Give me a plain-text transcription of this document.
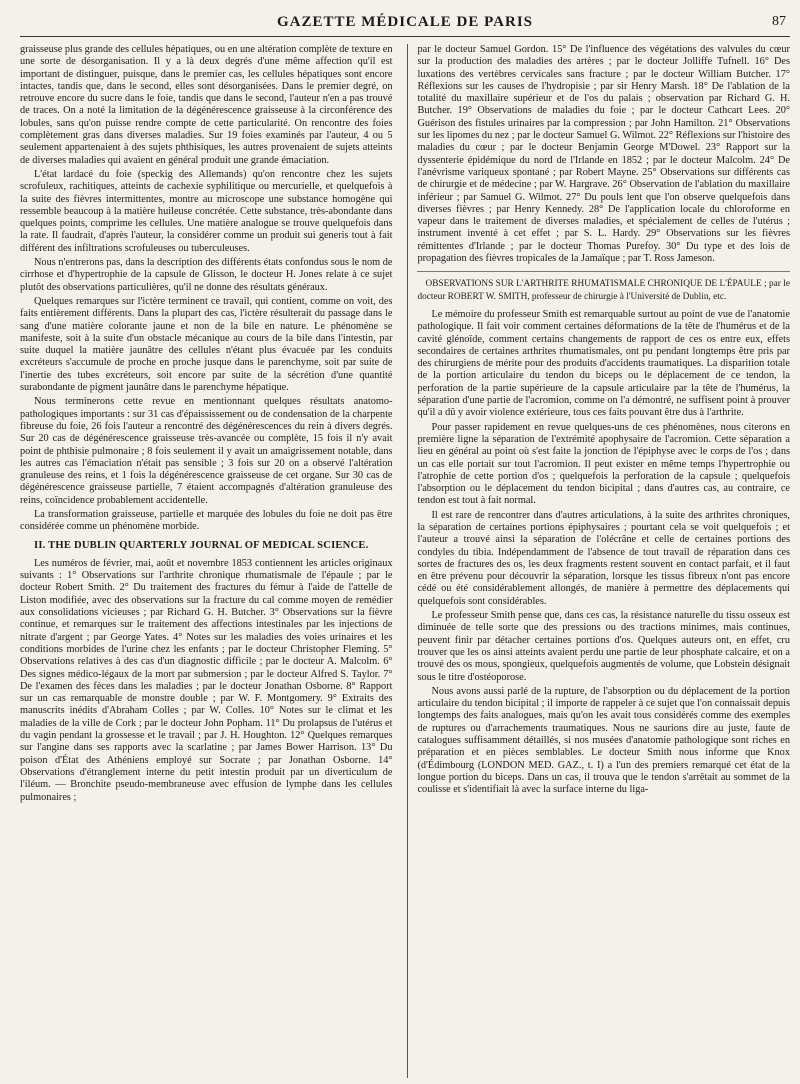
GAZETTE MÉDICALE DE PARIS	87

graisseuse plus grande des cellules hépatiques, ou en une altération complète de texture en une sorte de désorganisation. Il y a là deux degrés d'une même affection qu'il est important de distinguer, puisque, dans le premier cas, les cellules hépatiques sont encore intactes, tandis que, dans le second, elles sont désorganisées. Dans le premier degré, on retrouve encore du sucre dans le foie, tandis que dans le second, l'auteur n'en a pas trouvé de traces. On a noté la limitation de la dégénérescence graisseuse à la circonférence des lobules, sans qu'on puisse rendre compte de cette particularité. On rencontre des foies complètement gras dans diverses maladies. Sur 19 foies examinés par l'auteur, 4 ou 5 seulement appartenaient à des sujets phthisiques, les autres provenaient de sujets atteints de diverses maladies qui avaient en général produit une grande émaciation.

L'état lardacé du foie (speckig des Allemands) qu'on rencontre chez les sujets scrofuleux, rachitiques, atteints de cachexie syphilitique ou mercurielle, et quelquefois à la suite des fièvres intermittentes, montre au microscope une substance homogène qui ressemble beaucoup à la matière huileuse concrétée. Cette substance, très-abondante dans quelques points, comprime les cellules. Une matière analogue se trouve quelquefois dans la rate. Il faudrait, d'après l'auteur, la considérer comme un produit sui generis tout à fait différent des infiltrations scrofuleuses ou tuberculeuses.

Nous n'entrerons pas, dans la description des différents états confondus sous le nom de cirrhose et d'hypertrophie de la capsule de Glisson, le docteur H. Jones relate à ce sujet plutôt des observations particulières, qu'il ne donne des résultats généraux.

Quelques remarques sur l'ictère terminent ce travail, qui contient, comme on voit, des faits entièrement différents. Dans la plupart des cas, l'ictère résulterait du passage dans le sang d'une matière colorante jaune et non de la bile en nature. Le phénomène se manifeste, soit à la suite d'un obstacle mécanique au cours de la bile dans l'intestin, par suite duquel la matière jaunâtre des cellules n'étant plus évacuée par les conduits excréteurs s'accumule de proche en proche jusque dans le parenchyme, soit par suite de l'inertie des tubes excréteurs, soit encore par suite de la sécrétion d'une quantité surabondante de pigment jaunâtre dans le parenchyme hépatique.

Nous terminerons cette revue en mentionnant quelques résultats anatomo-pathologiques importants : sur 31 cas d'épaississement ou de condensation de la charpente fibreuse du foie, 26 fois l'auteur a rencontré des dégénérescences du rein à divers degrés. Sur 20 cas de dégénérescence graisseuse très-avancée ou complète, 15 fois il n'y avait point de phthisie pulmonaire ; 8 fois seulement il y avait un amaigrissement notable, dans les autres cas l'émaciation n'était pas sensible ; 3 fois sur 20 on a observé l'altération granuleuse des reins, et 1 fois la dégénérescence graisseuse de cet organe. Sur 30 cas de dégénérescence graisseuse partielle, 7 étaient accompagnés d'altération granuleuse des reins, coïncidence probablement accidentelle.

La transformation graisseuse, partielle et marquée des lobules du foie ne doit pas être considérée comme un phénomène morbide.

II. THE DUBLIN QUARTERLY JOURNAL OF MEDICAL SCIENCE.

Les numéros de février, mai, août et novembre 1853 contiennent les articles originaux suivants : 1° Observations sur l'arthrite chronique rhumatismale de l'épaule ; par le docteur Robert Smith. 2° Du traitement des fractures du fémur à l'aide de l'attelle de Liston modifiée, avec des observations sur la fracture du cal comme moyen de remédier aux consolidations vicieuses ; par Richard G. H. Butcher. 3° Observations sur la fièvre continue, et remarques sur le traitement des affections intestinales par les injections de nitrate d'argent ; par George Yates. 4° Notes sur les maladies des voies urinaires et les conditions morbides de l'urine chez les enfants ; par le docteur Christopher Fleming. 5° Observations relatives à des cas d'un diagnostic difficile ; par le docteur A. Malcolm. 6° Des signes médico-légaux de la mort par submersion ; par le docteur Alfred S. Taylor. 7° De l'examen des fèces dans les maladies ; par le docteur Jonathan Osborne. 8° Rapport sur un cas remarquable de monstre double ; par W. F. Montgomery. 9° Extraits des manuscrits inédits d'Abraham Colles ; par W. Colles. 10° Notes sur le climat et les maladies de la ville de Cork ; par le docteur John Popham. 11° Du prolapsus de l'utérus et du vagin pendant la grossesse et le travail ; par J. H. Houghton. 12° Quelques remarques sur l'angine dans ses rapports avec la scarlatine ; par James Bower Harrison. 13° Du poison d'État des Athéniens employé sur Socrate ; par Jonathan Osborne. 14° Observations d'étranglement interne du petit intestin produit par un diverticulum de l'iléum. — Bronchite pseudo-membraneuse avec effusion de lymphe dans les cellules pulmonaires ;

par le docteur Samuel Gordon. 15° De l'influence des végétations des valvules du cœur sur la production des maladies des artères ; par le docteur Jolliffe Tufnell. 16° Des luxations des vertèbres cervicales sans fracture ; par le docteur William Butcher. 17° Réflexions sur les causes de l'hydropisie ; par sir Henry Marsh. 18° De l'ablation de la totalité du maxillaire supérieur et de l'os du palais ; observation par Richard G. H. Butcher. 19° Observations de maladies du foie ; par le docteur Cathcart Lees. 20° Guérison des fistules urinaires par la compression ; par John Hamilton. 21° Observations sur les lipomes du nez ; par le docteur Samuel G. Wilmot. 22° Réflexions sur l'histoire des maladies du cœur ; par le docteur Benjamin George M'Dowel. 23° Rapport sur la dyssenterie épidémique du nord de l'Irlande en 1852 ; par le docteur Malcolm. 24° De l'anévrisme variqueux spontané ; par Robert Mayne. 25° Observations sur différents cas de chirurgie et de médecine ; par W. Hargrave. 26° Observation de l'ablation du maxillaire inférieur ; par Samuel G. Wilmot. 27° Du pouls lent que l'on observe quelquefois dans diverses fièvres ; par Henry Kennedy. 28° De l'application locale du chloroforme en vapeur dans le traitement de diverses maladies, et spécialement de celles de l'utérus ; instrument inventé à cet effet ; par S. L. Hardy. 29° Observations sur les fièvres rémittentes d'Irlande ; par le docteur Thomas Purefoy. 30° Du type et des lois de propagation des fièvres tropicales de la Jamaïque ; par T. Ross Jameson.

OBSERVATIONS SUR L'ARTHRITE RHUMATISMALE CHRONIQUE DE L'ÉPAULE ; par le docteur ROBERT W. SMITH, professeur de chirurgie à l'Université de Dublin, etc.

Le mémoire du professeur Smith est remarquable surtout au point de vue de l'anatomie pathologique. Il fait voir comment certaines déformations de la tête de l'humérus et de la cavité glénoïde, comment certains changements de rapport de ces os entre eux, effets secondaires de certaines arthrites rhumatismales, ont pu pendant longtemps être pris par des chirurgiens de mérite pour des produits d'accidents traumatiques. La disparition totale de la portion articulaire du tendon du biceps ou le déplacement de ce tendon, la perforation de la partie supérieure de la capsule articulaire par la tête de l'humérus, la séparation d'une partie de l'acromion, comme on l'a démontré, ne suffisent point à prouver qu'il a dû y avoir violence extérieure, tous ces faits pouvant être dus à l'arthrite.

Pour passer rapidement en revue quelques-uns de ces phénomènes, nous citerons en première ligne la séparation de l'extrémité apophysaire de l'acromion. Cette séparation a lieu en général au point où s'est faite la jonction de l'épiphyse avec le corps de l'os ; dans un cas elle portait sur tout l'acromion. Il peut exister en même temps l'hypertrophie ou l'atrophie de cette portion d'os ; quelquefois la perforation de la capsule ; quelquefois l'absorption ou le déplacement du tendon bicipital ; dans d'autres cas, au contraire, ce tendon est tout à fait normal.

Il est rare de rencontrer dans d'autres articulations, à la suite des arthrites chroniques, la séparation de certaines portions épiphysaires ; pourtant cela se voit quelquefois ; et l'auteur a trouvé ainsi la séparation de l'olécrâne et celle de certaines portions des condyles du tibia. Indépendamment de l'absence de tout travail de réparation dans ces sortes de fractures des os, les deux fragments restent souvent en contact parfait, et il faut en être prévenu pour découvrir la séparation, lorsque les tissus fibreux n'ont pas encore cédé ou été considérablement allongés, de manière à permettre des déplacements qui quelquefois sont considérables.

Le professeur Smith pense que, dans ces cas, la résistance naturelle du tissu osseux est diminuée de telle sorte que des pressions ou des tractions minimes, mais continues, peuvent finir par détacher certaines portions d'os. Quelques auteurs ont, en effet, cru trouver que les os ainsi atteints avaient perdu une partie de leur phosphate calcaire, et on a trouvé des os mous, spongieux, quelquefois augmentés de volume, que Lobstein désignait sous le titre d'ostéoporose.

Nous avons aussi parlé de la rupture, de l'absorption ou du déplacement de la portion articulaire du tendon bicipital ; il importe de rappeler à ce sujet que l'on connaissait depuis longtemps des faits analogues, mais qu'on les avait tous considérés comme des exemples de ruptures ou d'arrachements traumatiques. Nous ne saurions dire au juste, faute de catalogues suffisamment détaillés, si nos musées d'anatomie pathologique sont riches en préparation et en pièces semblables. Le docteur Smith nous informe que Knox (d'Édimbourg (LONDON MED. GAZ., t. I) a l'un des premiers remarqué cet état de la longue portion du biceps. Dans un cas, il trouva que le tendon s'arrêtait au sommet de la coulisse et s'identifiait là avec la surface interne du liga-
